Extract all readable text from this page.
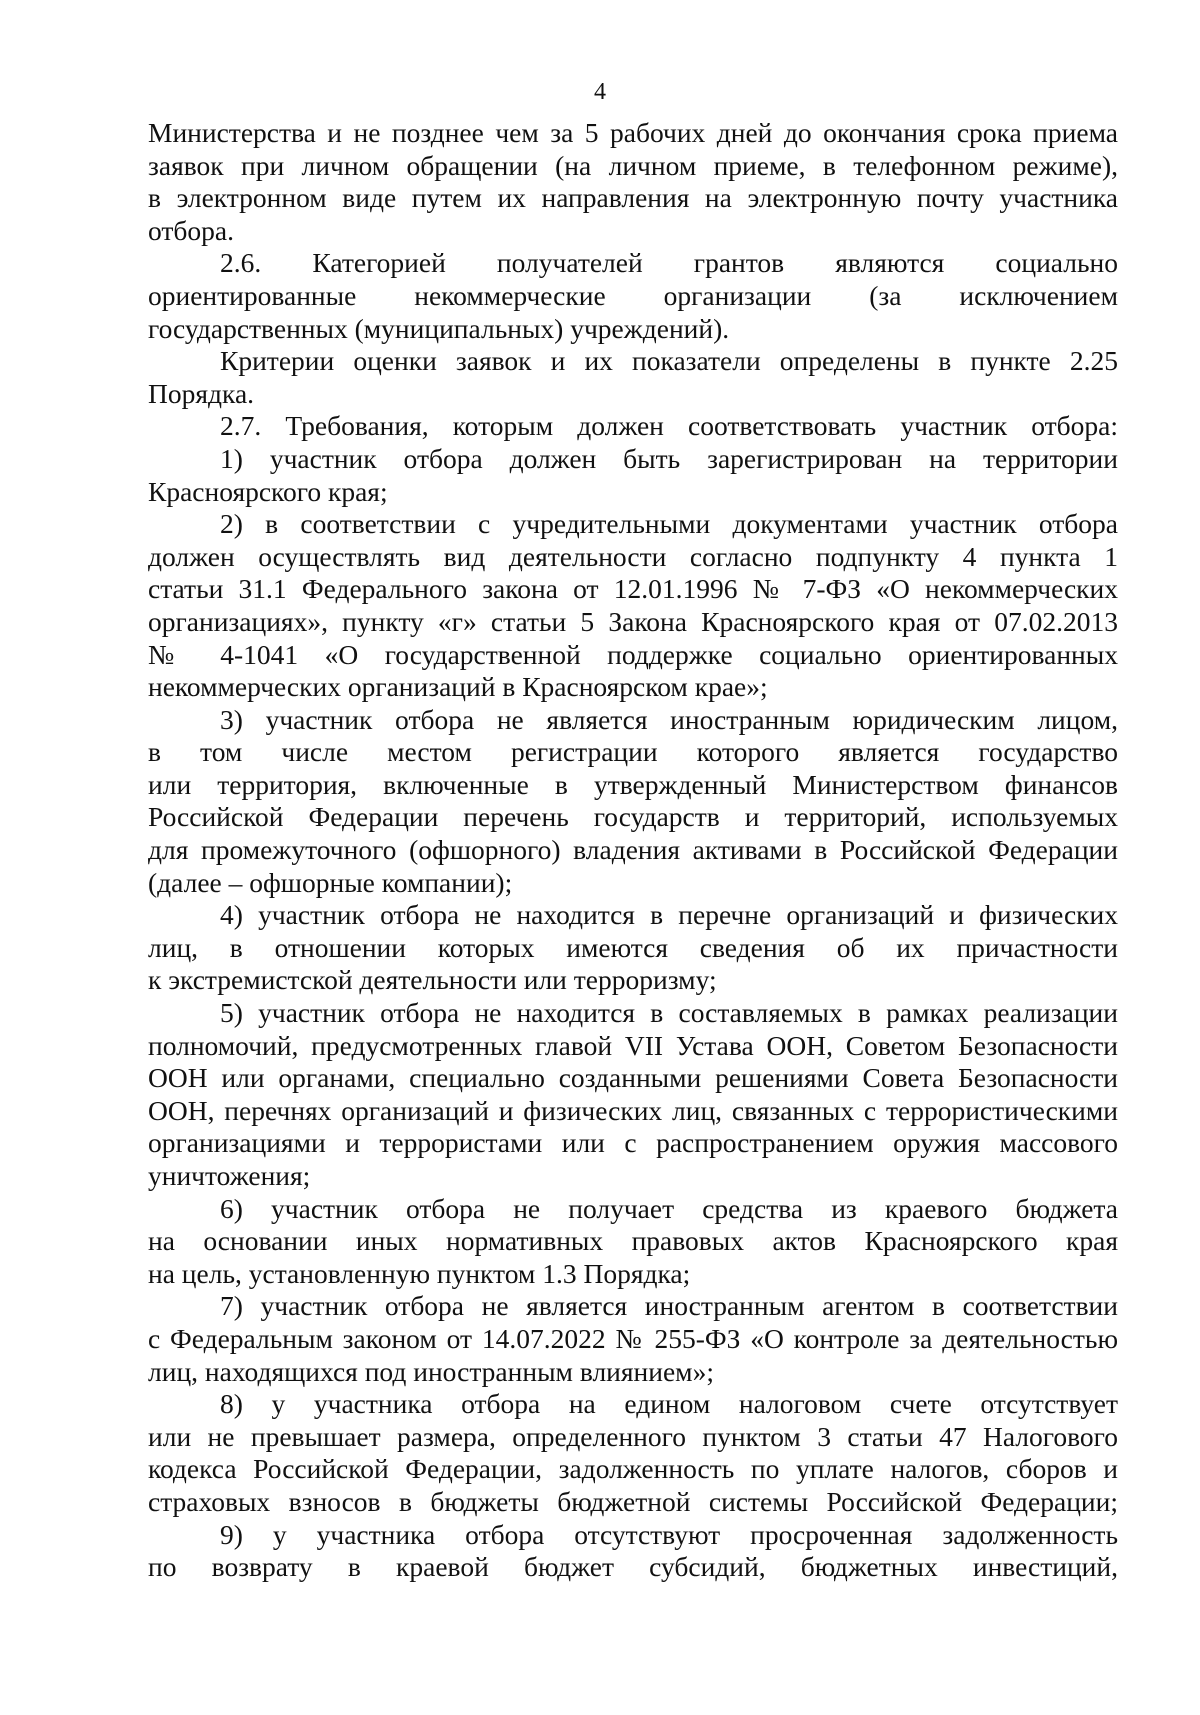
4
Министерства и не позднее чем за 5 рабочих дней до окончания срока приема
заявок при личном обращении (на личном приеме, в телефонном режиме),
в электронном виде путем их направления на электронную почту участника
отбора.
2.6. Категорией получателей грантов являются социально
ориентированные некоммерческие организации (за исключением
государственных (муниципальных) учреждений).
Критерии оценки заявок и их показатели определены в пункте 2.25
Порядка.
2.7. Требования, которым должен соответствовать участник отбора:
1) участник отбора должен быть зарегистрирован на территории
Красноярского края;
2) в соответствии с учредительными документами участник отбора
должен осуществлять вид деятельности согласно подпункту 4 пункта 1
статьи 31.1 Федерального закона от 12.01.1996 № 7-ФЗ «О некоммерческих
организациях», пункту «г» статьи 5 Закона Красноярского края от 07.02.2013
№ 4-1041 «О государственной поддержке социально ориентированных
некоммерческих организаций в Красноярском крае»;
3) участник отбора не является иностранным юридическим лицом,
в том числе местом регистрации которого является государство
или территория, включенные в утвержденный Министерством финансов
Российской Федерации перечень государств и территорий, используемых
для промежуточного (офшорного) владения активами в Российской Федерации
(далее – офшорные компании);
4) участник отбора не находится в перечне организаций и физических
лиц, в отношении которых имеются сведения об их причастности
к экстремистской деятельности или терроризму;
5) участник отбора не находится в составляемых в рамках реализации
полномочий, предусмотренных главой VII Устава ООН, Советом Безопасности
ООН или органами, специально созданными решениями Совета Безопасности
ООН, перечнях организаций и физических лиц, связанных с террористическими
организациями и террористами или с распространением оружия массового
уничтожения;
6) участник отбора не получает средства из краевого бюджета
на основании иных нормативных правовых актов Красноярского края
на цель, установленную пунктом 1.3 Порядка;
7) участник отбора не является иностранным агентом в соответствии
с Федеральным законом от 14.07.2022 № 255-ФЗ «О контроле за деятельностью
лиц, находящихся под иностранным влиянием»;
8) у участника отбора на едином налоговом счете отсутствует
или не превышает размера, определенного пунктом 3 статьи 47 Налогового
кодекса Российской Федерации, задолженность по уплате налогов, сборов и
страховых взносов в бюджеты бюджетной системы Российской Федерации;
9) у участника отбора отсутствуют просроченная задолженность
по возврату в краевой бюджет субсидий, бюджетных инвестиций,
